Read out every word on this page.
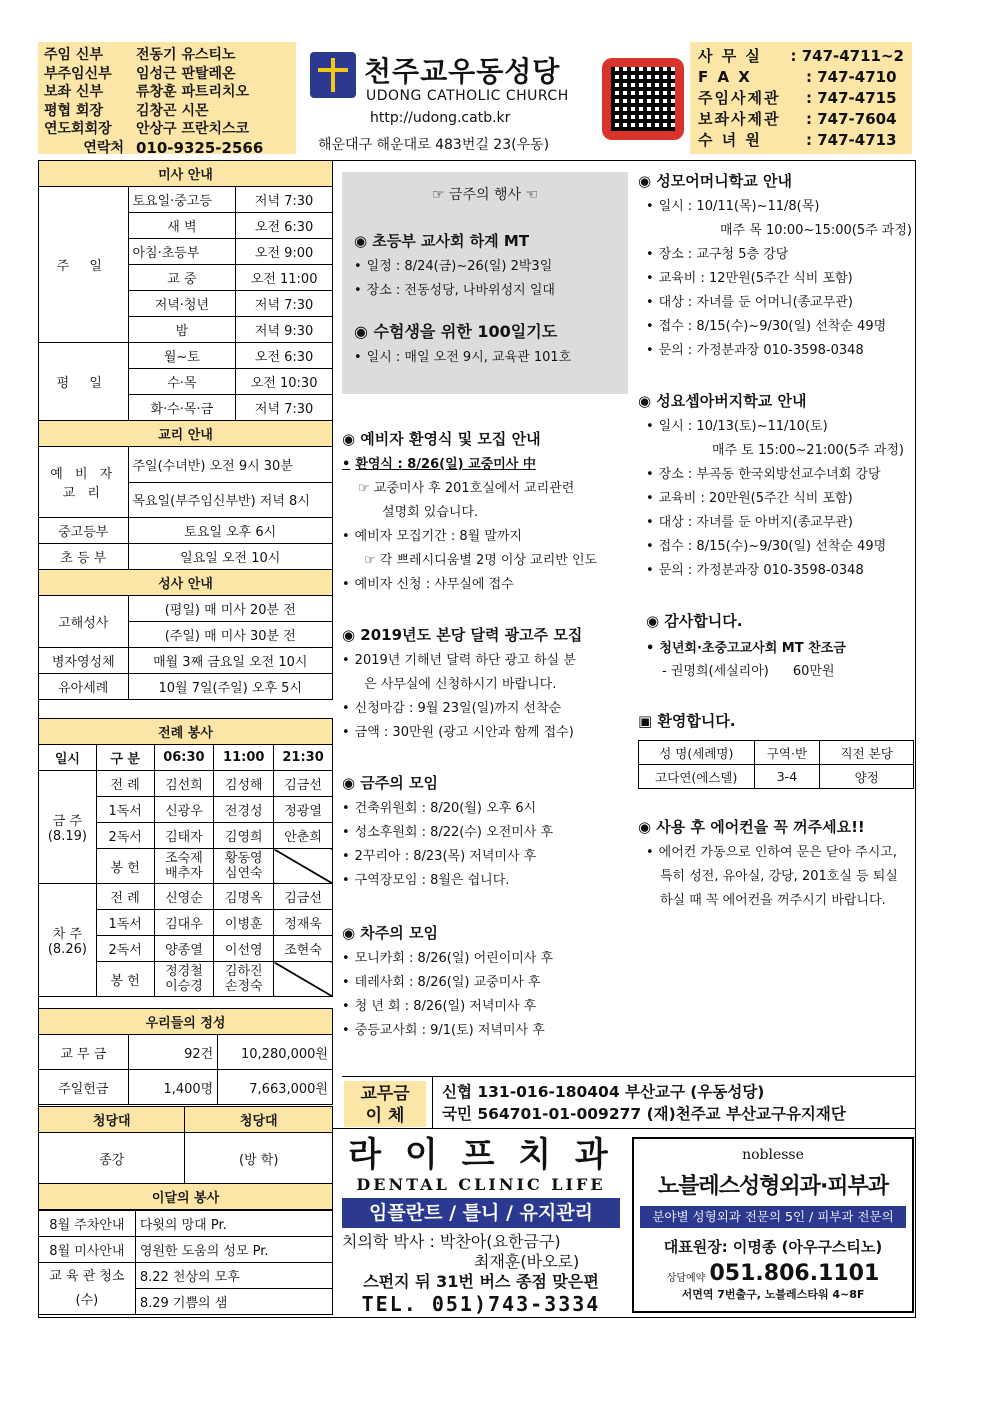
주임 신부	전동기 유스티노
부주임신부	임성근 판탈레온
보좌 신부	류창훈 파트리치오
평협 회장	김창곤 시몬
연도회회장	안상구 프란치스코
연락처 010-9325-2566
천주교우동성당
UDONG CATHOLIC CHURCH
http://udong.catb.kr
해운대구 해운대로 483번길 23(우동)
사 무 실	: 747-4711~2
F A X	: 747-4710
주임사제관	: 747-4715
보좌사제관	: 747-7604
수 녀 원	: 747-4713
미사 안내		
주 일	토요일·중고등	저녁 7:30
	새 벽	오전 6:30
	아침·초등부	오전 9:00
	교 중	오전 11:00
	저녁·청년	저녁 7:30
	밤	저녁 9:30
평 일	월~토	오전 6:30
	수·목	오전 10:30
	화·수·목·금	저녁 7:30
교리 안내		
예 비 자 교 리	주일(수녀반) 오전 9시 30분	
	목요일(부주임신부반) 저녁 8시	
중고등부	토요일 오후 6시	
초 등 부	일요일 오전 10시	
성사 안내		
고해성사	(평일) 매 미사 20분 전	
	(주일) 매 미사 30분 전	
병자영성체	매월 3째 금요일 오전 10시	
유아세례	10월 7일(주일) 오후 5시	
전례 봉사				
일시	구 분	06:30	11:00	21:30
금 주
(8.19)	전 례	김선희	김성해	김금선
	1독서	신광우	전경성	정광열
	2독서	김태자	김영희	안춘희
	봉 헌	조숙제 배추자	황동영 심연숙	
차 주
(8.26)	전 례	신영순	김명옥	김금선
	1독서	김대우	이병훈	정재욱
	2독서	양종열	이선영	조현숙
	봉 헌	정경철 이승경	김하진 손정숙	
우리들의 정성		
교 무 금	92건	10,280,000원
주일헌금	1,400명	7,663,000원
청당대	청당대
종강	(방 학)
이달의 봉사	
8월 주차안내	다윗의 망대 Pr.
8월 미사안내	영원한 도움의 성모 Pr.
교 육 관 청소(수)	8.22 천상의 모후
	8.29 기쁨의 샘
☞ 금주의 행사 ☜
◉ 초등부 교사회 하계 MT
• 일정 : 8/24(금)~26(일) 2박3일
• 장소 : 전동성당, 나바위성지 일대
◉ 수험생을 위한 100일기도
• 일시 : 매일 오전 9시, 교육관 101호
◉ 예비자 환영식 및 모집 안내
• 환영식 : 8/26(일) 교중미사 中
☞ 교중미사 후 201호실에서 교리관련
설명회 있습니다.
• 예비자 모집기간 : 8월 말까지
☞ 각 쁘레시디움별 2명 이상 교리반 인도
• 예비자 신청 : 사무실에 접수
◉ 2019년도 본당 달력 광고주 모집
• 2019년 기해년 달력 하단 광고 하실 분
은 사무실에 신청하시기 바랍니다.
• 신청마감 : 9월 23일(일)까지 선착순
• 금액 : 30만원 (광고 시안과 함께 접수)
◉ 금주의 모임
• 건축위원회 : 8/20(월) 오후 6시
• 성소후원회 : 8/22(수) 오전미사 후
• 2꾸리아 : 8/23(목) 저녁미사 후
• 구역장모임 : 8월은 쉽니다.
◉ 차주의 모임
• 모니카회 : 8/26(일) 어린이미사 후
• 데레사회 : 8/26(일) 교중미사 후
• 청 년 회 : 8/26(일) 저녁미사 후
• 중등교사회 : 9/1(토) 저녁미사 후
◉ 성모어머니학교 안내
• 일시 : 10/11(목)~11/8(목)
매주 목 10:00~15:00(5주 과정)
• 장소 : 교구청 5층 강당
• 교육비 : 12만원(5주간 식비 포함)
• 대상 : 자녀를 둔 어머니(종교무관)
• 접수 : 8/15(수)~9/30(일) 선착순 49명
• 문의 : 가정분과장 010-3598-0348
◉ 성요셉아버지학교 안내
• 일시 : 10/13(토)~11/10(토)
매주 토 15:00~21:00(5주 과정)
• 장소 : 부곡동 한국외방선교수녀회 강당
• 교육비 : 20만원(5주간 식비 포함)
• 대상 : 자녀를 둔 아버지(종교무관)
• 접수 : 8/15(수)~9/30(일) 선착순 49명
• 문의 : 가정분과장 010-3598-0348
◉ 감사합니다.
• 청년회·초중고교사회 MT 찬조금
- 권명희(세실리아) 60만원
▣ 환영합니다.
성 명(세례명)	구역·반	직전 본당
고다연(에스델)	3-4	양정
◉ 사용 후 에어컨을 꼭 꺼주세요!!
• 에어컨 가동으로 인하여 문은 닫아 주시고,
특히 성전, 유아실, 강당, 201호실 등 퇴실
하실 때 꼭 에어컨을 꺼주시기 바랍니다.
교무금
이 체
신협 131-016-180404 부산교구 (우동성당)
국민 564701-01-009277 (재)천주교 부산교구유지재단
라 이 프 치 과
DENTAL CLINIC LIFE
임플란트 / 틀니 / 유지관리
치의학 박사 : 박찬아(요한금구)
최재훈(바오로)
스펀지 뒤 31번 버스 종점 맞은편
TEL. 051)743-3334
noblesse
노블레스성형외과·피부과
분야별 성형외과 전문의 5인 / 피부과 전문의
대표원장: 이명종 (아우구스티노)
상담예약 051.806.1101
서면역 7번출구, 노블레스타워 4~8F
